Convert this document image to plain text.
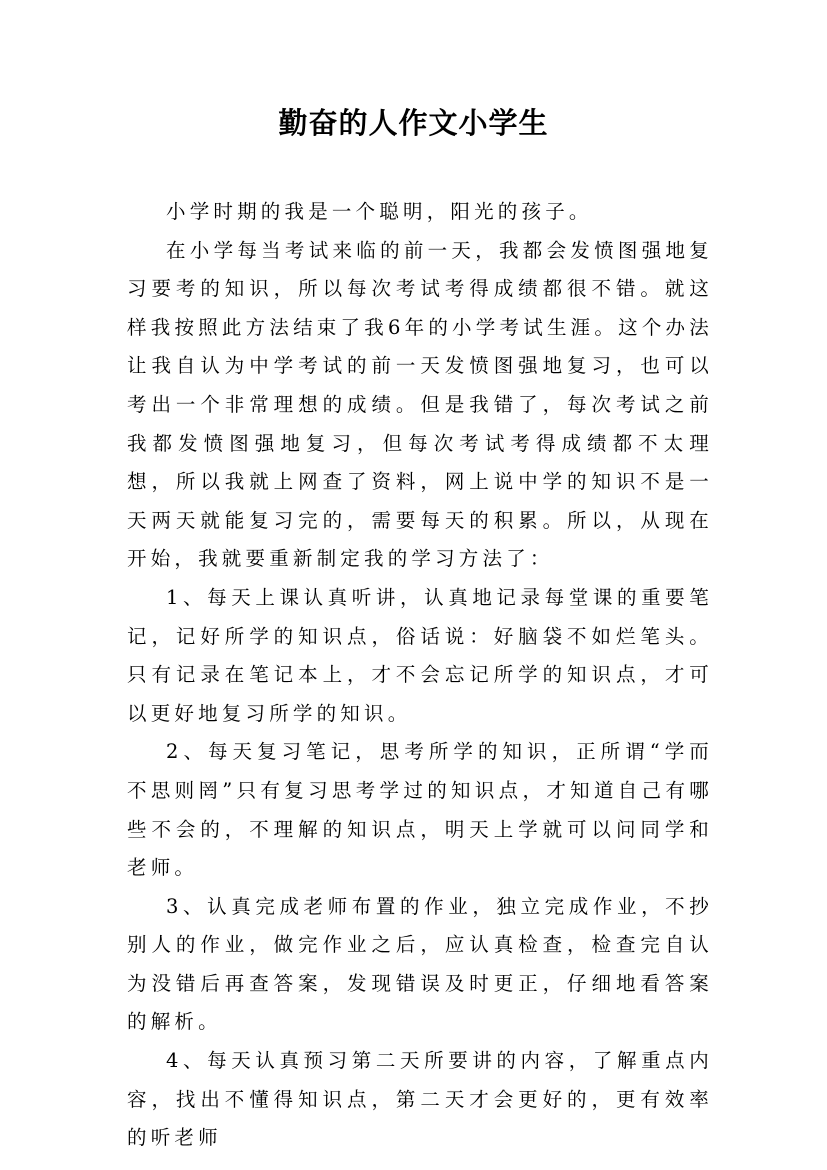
勤奋的人作文小学生

小学时期的我是一个聪明，阳光的孩子。

在小学每当考试来临的前一天，我都会发愤图强地复习要考的知识，所以每次考试考得成绩都很不错。就这样我按照此方法结束了我6年的小学考试生涯。这个办法让我自认为中学考试的前一天发愤图强地复习，也可以考出一个非常理想的成绩。但是我错了，每次考试之前我都发愤图强地复习，但每次考试考得成绩都不太理想，所以我就上网查了资料，网上说中学的知识不是一天两天就能复习完的，需要每天的积累。所以，从现在开始，我就要重新制定我的学习方法了：

1、每天上课认真听讲，认真地记录每堂课的重要笔记，记好所学的知识点，俗话说：好脑袋不如烂笔头。只有记录在笔记本上，才不会忘记所学的知识点，才可以更好地复习所学的知识。

2、每天复习笔记，思考所学的知识，正所谓“学而不思则罔”只有复习思考学过的知识点，才知道自己有哪些不会的，不理解的知识点，明天上学就可以问同学和老师。

3、认真完成老师布置的作业，独立完成作业，不抄别人的作业，做完作业之后，应认真检查，检查完自认为没错后再查答案，发现错误及时更正，仔细地看答案的解析。

4、每天认真预习第二天所要讲的内容，了解重点内容，找出不懂得知识点，第二天才会更好的，更有效率的听老师
